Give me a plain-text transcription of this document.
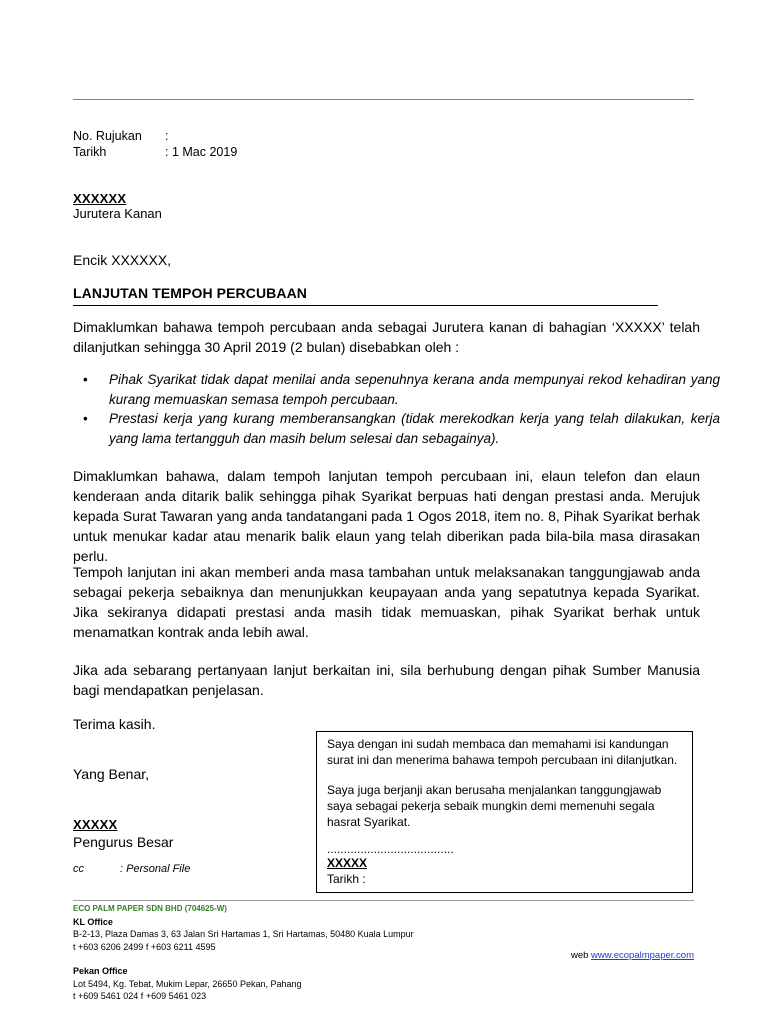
No. Rujukan :
Tarikh	: 1 Mac 2019
XXXXXX
Jurutera Kanan
Encik XXXXXX,
LANJUTAN TEMPOH PERCUBAAN
Dimaklumkan bahawa tempoh percubaan anda sebagai Jurutera kanan di bahagian ‘XXXXX’ telah dilanjutkan sehingga 30 April 2019 (2 bulan) disebabkan oleh :
• Pihak Syarikat tidak dapat menilai anda sepenuhnya kerana anda mempunyai rekod kehadiran yang kurang memuaskan semasa tempoh percubaan.
• Prestasi kerja yang kurang memberansangkan (tidak merekodkan kerja yang telah dilakukan, kerja yang lama tertangguh dan masih belum selesai dan sebagainya).
Dimaklumkan bahawa, dalam tempoh lanjutan tempoh percubaan ini, elaun telefon dan elaun kenderaan anda ditarik balik sehingga pihak Syarikat berpuas hati dengan prestasi anda. Merujuk kepada Surat Tawaran yang anda tandatangani pada 1 Ogos 2018, item no. 8, Pihak Syarikat berhak untuk menukar kadar atau menarik balik elaun yang telah diberikan pada bila-bila masa dirasakan perlu.
Tempoh lanjutan ini akan memberi anda masa tambahan untuk melaksanakan tanggungjawab anda sebagai pekerja sebaiknya dan menunjukkan keupayaan anda yang sepatutnya kepada Syarikat. Jika sekiranya didapati prestasi anda masih tidak memuaskan, pihak Syarikat berhak untuk menamatkan kontrak anda lebih awal.
Jika ada sebarang pertanyaan lanjut berkaitan ini, sila berhubung dengan pihak Sumber Manusia bagi mendapatkan penjelasan.
Terima kasih.
Yang Benar,
XXXXX
Pengurus Besar
cc	: Personal File

Saya dengan ini sudah membaca dan memahami isi kandungan surat ini dan menerima bahawa tempoh percubaan ini dilanjutkan.

Saya juga berjanji akan berusaha menjalankan tanggungjawab saya sebagai pekerja sebaik mungkin demi memenuhi segala hasrat Syarikat.

......................................

XXXXX

Tarikh :

ECO PALM PAPER SDN BHD (704625-W)
KL Office
B-2-13, Plaza Damas 3, 63 Jalan Sri Hartamas 1, Sri Hartamas, 50480 Kuala Lumpur
t +603 6206 2499 f +603 6211 4595
Pekan Office
Lot 5494, Kg. Tebat, Mukim Lepar, 26650 Pekan, Pahang
t +609 5461 024 f +609 5461 023
web www.ecopalmpaper.com
